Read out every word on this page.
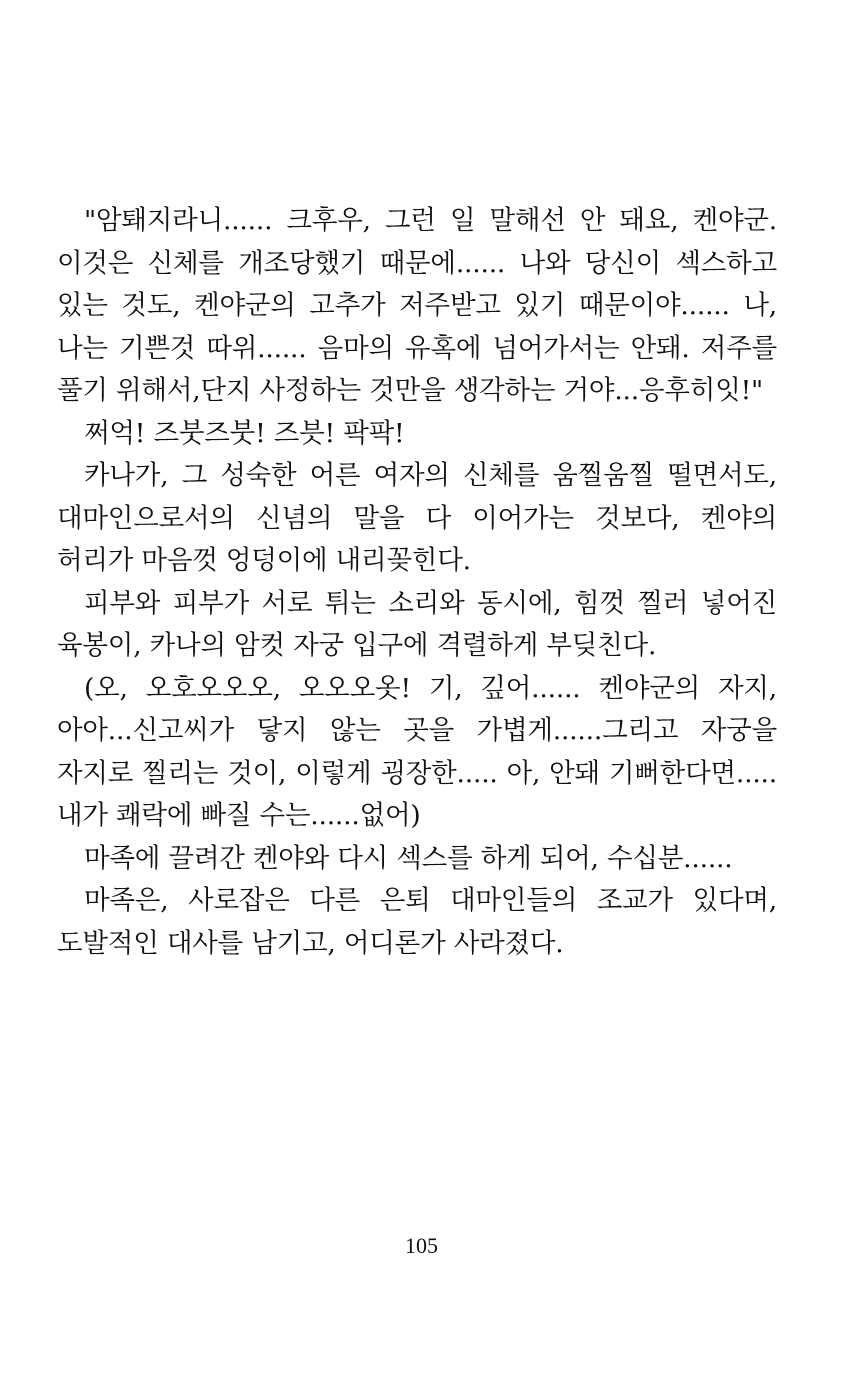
"암퇘지라니...... 크후우, 그런 일 말해선 안 돼요, 켄야군. 이것은 신체를 개조당했기 때문에...... 나와 당신이 섹스하고 있는 것도, 켄야군의 고추가 저주받고 있기 때문이야...... 나, 나는 기쁜것 따위...... 음마의 유혹에 넘어가서는 안돼. 저주를 풀기 위해서,단지 사정하는 것만을 생각하는 거야...응후히잇!"

쩌억! 즈붓즈붓! 즈븟! 팍팍!

카나가, 그 성숙한 어른 여자의 신체를 움찔움찔 떨면서도, 대마인으로서의 신념의 말을 다 이어가는 것보다, 켄야의 허리가 마음껏 엉덩이에 내리꽂힌다.

피부와 피부가 서로 튀는 소리와 동시에, 힘껏 찔러 넣어진 육봉이, 카나의 암컷 자궁 입구에 격렬하게 부딪친다.

(오, 오호오오오, 오오오옷! 기, 깊어...... 켄야군의 자지, 아아...신고씨가 닿지 않는 곳을 가볍게......그리고 자궁을 자지로 찔리는 것이, 이렇게 굉장한..... 아, 안돼 기뻐한다면..... 내가 쾌락에 빠질 수는......없어)

마족에 끌려간 켄야와 다시 섹스를 하게 되어, 수십분......

마족은, 사로잡은 다른 은퇴 대마인들의 조교가 있다며, 도발적인 대사를 남기고, 어디론가 사라졌다.

105
